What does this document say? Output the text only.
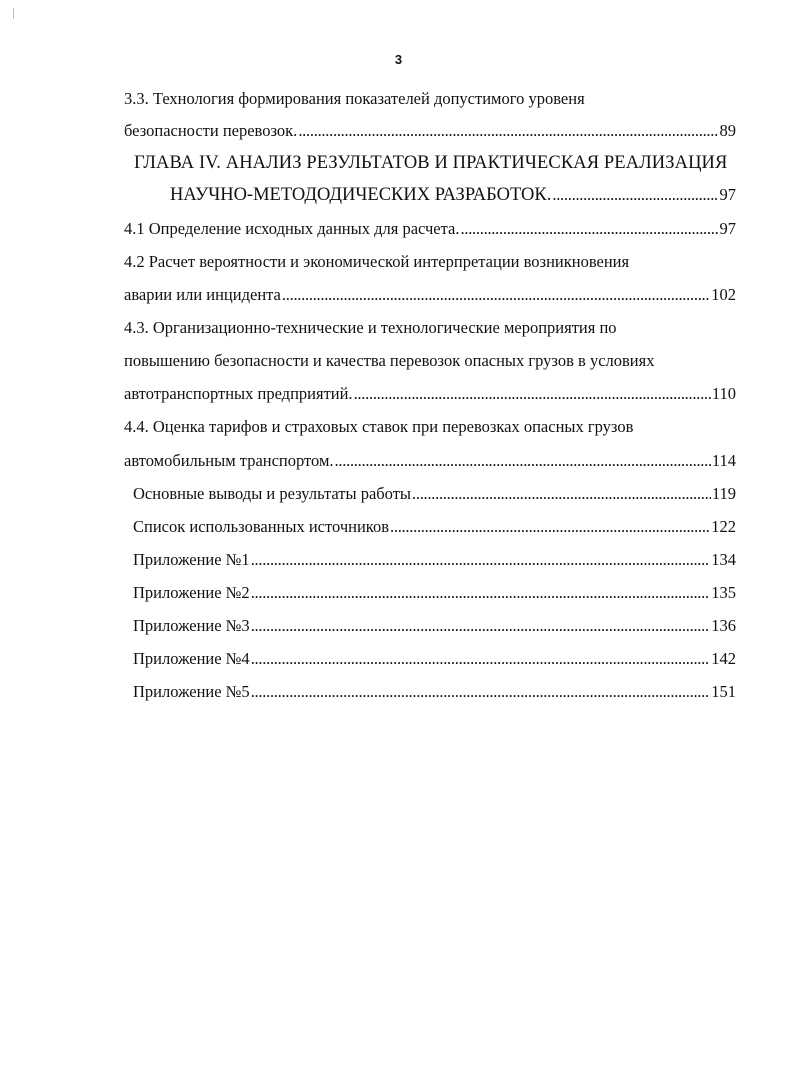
3
3.3. Технология формирования показателей допустимого уровеня
безопасности перевозок. . . .	89
ГЛАВА IV. АНАЛИЗ РЕЗУЛЬТАТОВ И ПРАКТИЧЕСКАЯ РЕАЛИЗАЦИЯ
НАУЧНО-МЕТОДОДИЧЕСКИХ РАЗРАБОТОК. . . .	97
4.1 Определение исходных данных для расчета. . . .	97
4.2 Расчет вероятности и экономической интерпретации возникновения
аварии или инцидента . . .	102
4.3. Организационно-технические и технологические мероприятия по
повышению безопасности и качества перевозок опасных грузов в условиях
автотранспортных предприятий. . . .	110
4.4. Оценка тарифов и страховых ставок при перевозках опасных грузов
автомобильным транспортом. . . .	114
Основные выводы и результаты работы . . .	119
Список использованных источников . . .	122
Приложение №1 . . .	134
Приложение №2 . . .	135
Приложение №3 . . .	136
Приложение №4 . . .	142
Приложение №5 . . .	151
